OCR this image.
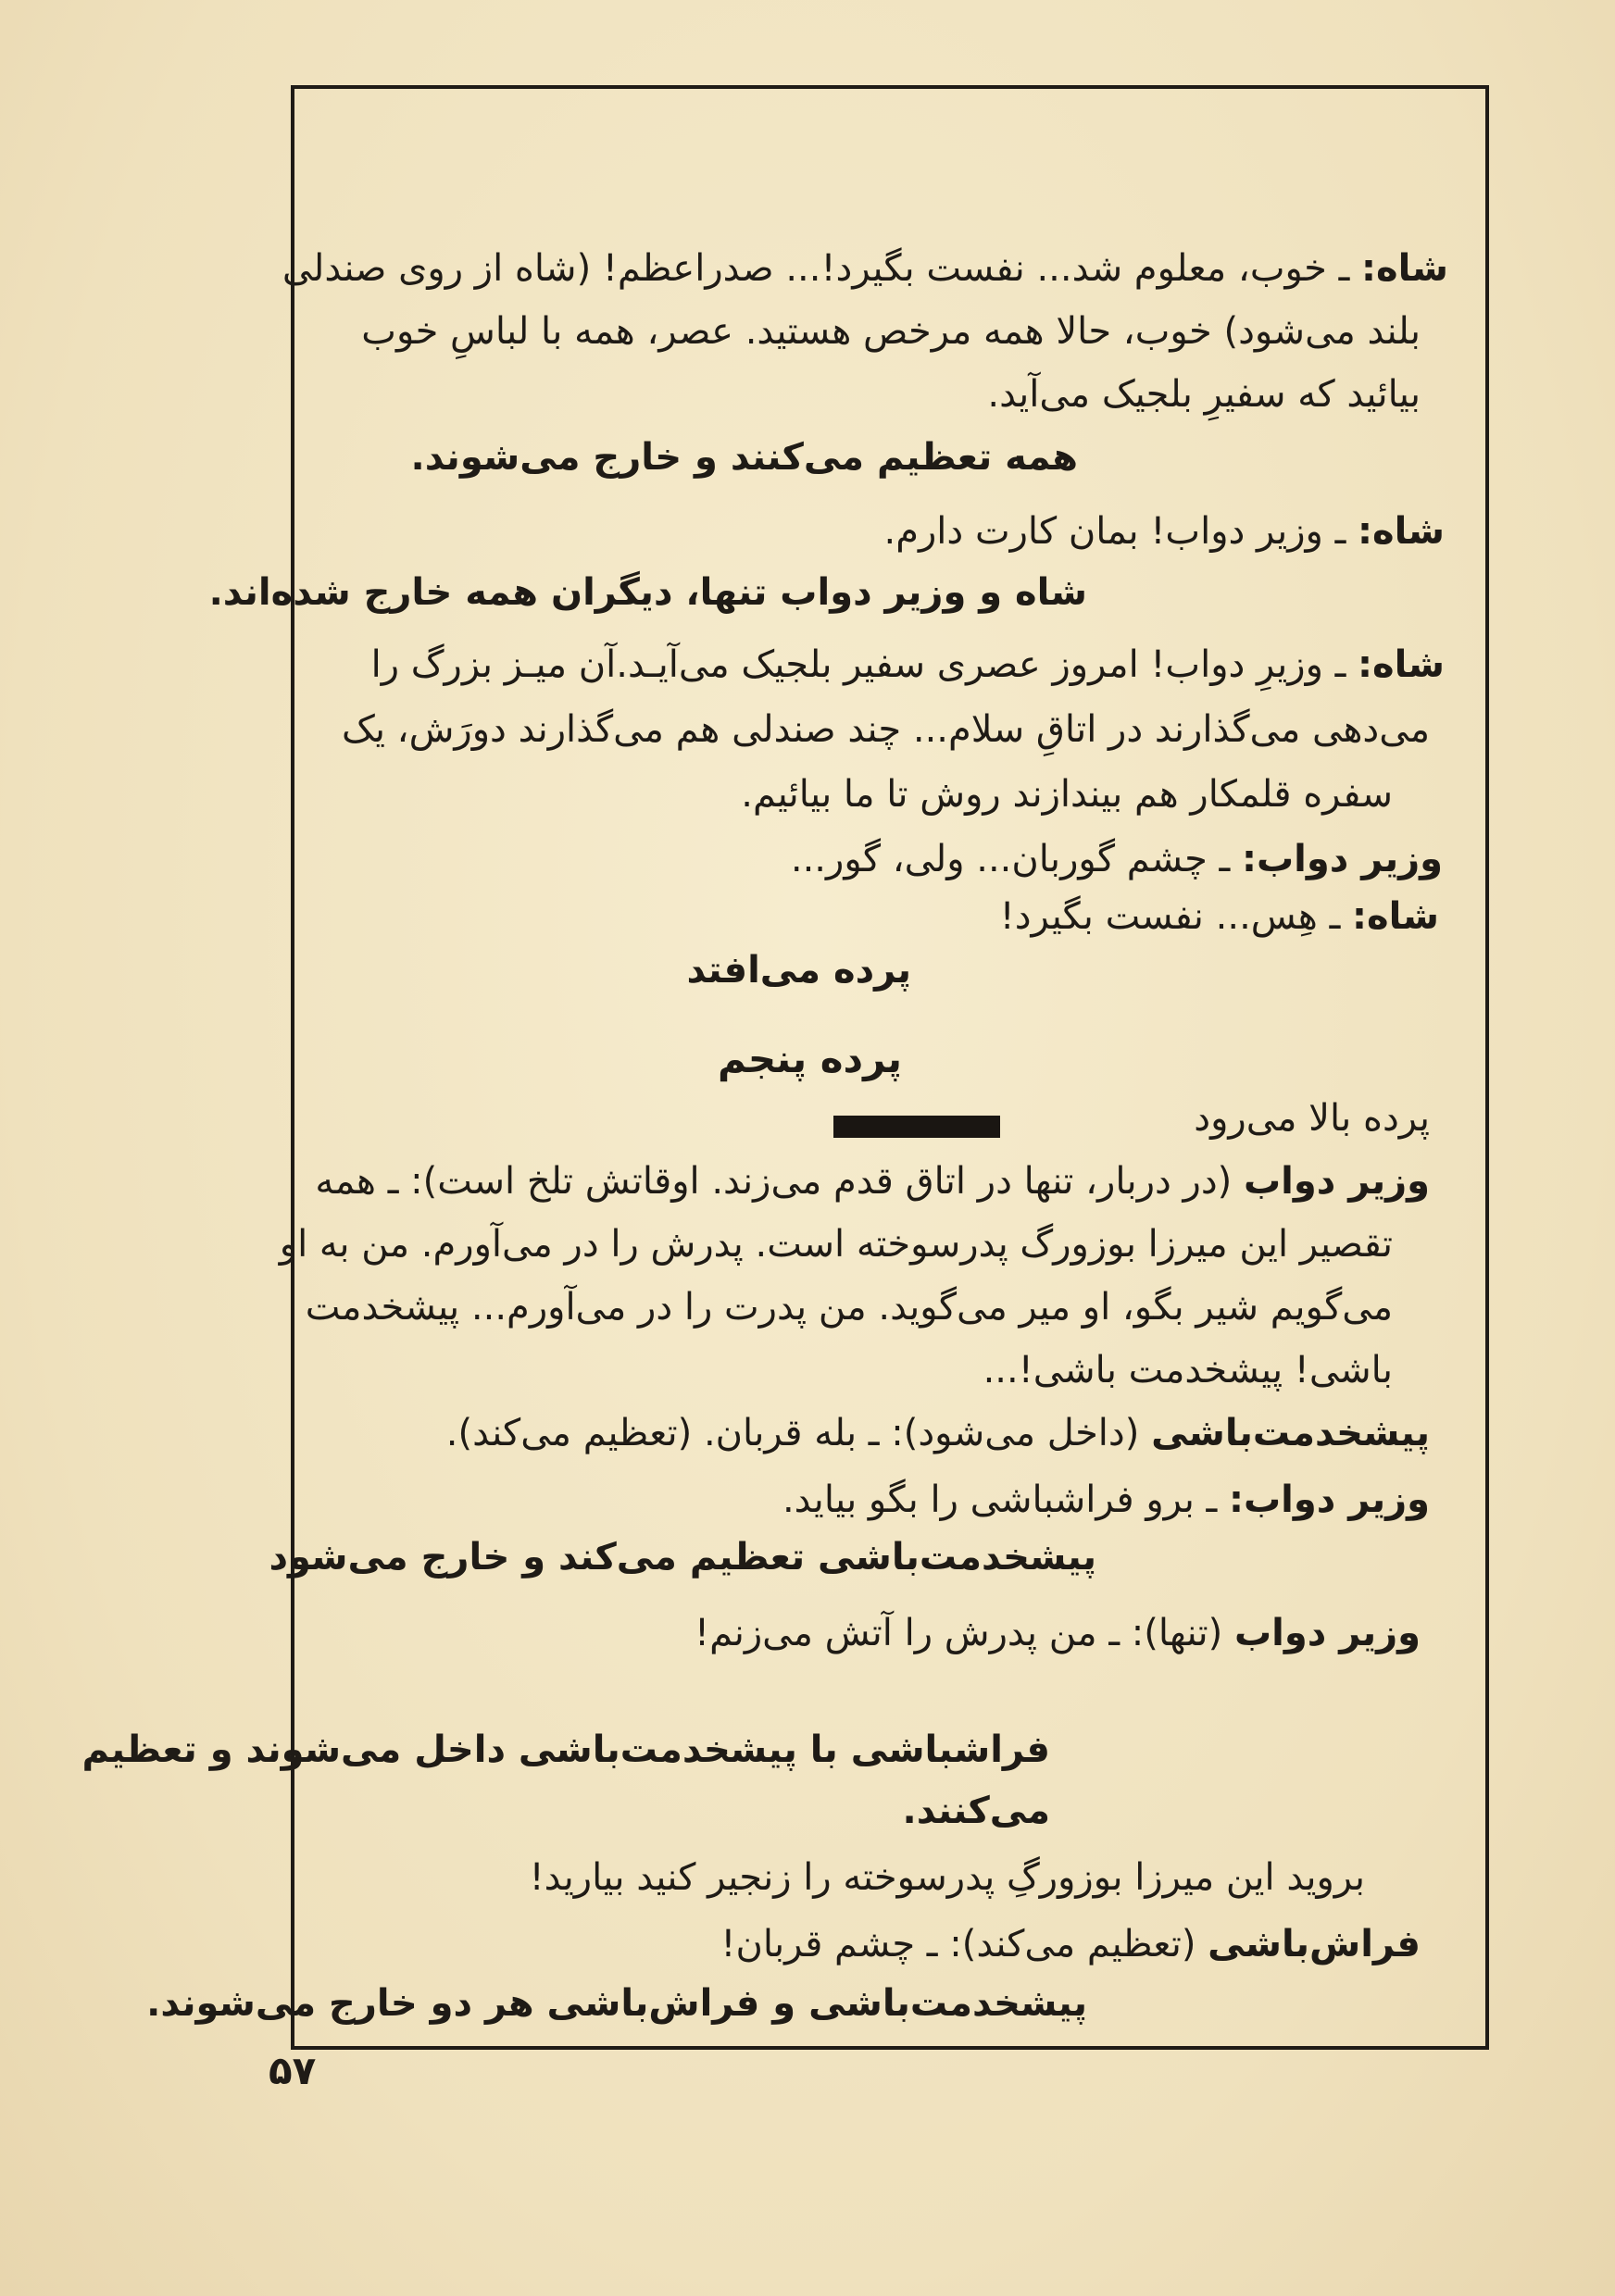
شاه: ـ خوب، معلوم شد... نفست بگیرد!... صدراعظم! (شاه از روی صندلی
بلند می‌شود) خوب، حالا همه مرخص هستید. عصر، همه با لباسِ خوب
بیائید که سفیرِ بلجیک می‌آید.
همه تعظیم می‌کنند و خارج می‌شوند.
شاه: ـ وزیر دواب! بمان کارت دارم.
شاه و وزیر دواب تنها، دیگران همه خارج شده‌اند.
شاه: ـ وزیرِ دواب! امروز عصری سفیر بلجیک می‌آیـد.آن میـز بزرگ را
می‌دهی می‌گذارند در اتاقِ سلام... چند صندلی هم می‌گذارند دورَش، یک
سفره قلمکار هم بیندازند روش تا ما بیائیم.
وزیر دواب: ـ چشم گوربان... ولی، گور...
شاه: ـ هِس... نفست بگیرد!
پرده می‌افتد
پرده پنجم
پرده بالا می‌رود
وزیر دواب (در دربار، تنها در اتاق قدم می‌زند. اوقاتش تلخ است): ـ همه
تقصیر این میرزا بوزورگ پدرسوخته است. پدرش را در می‌آورم. من به او
می‌گویم شیر بگو، او میر می‌گوید. من پدرت را در می‌آورم... پیشخدمت
باشی! پیشخدمت باشی!...
پیشخدمت‌باشی (داخل می‌شود): ـ بله قربان. (تعظیم می‌کند).
وزیر دواب: ـ برو فراشباشی را بگو بیاید.
پیشخدمت‌باشی تعظیم می‌کند و خارج می‌شود
وزیر دواب (تنها): ـ من پدرش را آتش می‌زنم!
فراشباشی با پیشخدمت‌باشی داخل می‌شوند و تعظیم
می‌کنند.
بروید این میرزا بوزورگِ پدرسوخته را زنجیر کنید بیارید!
فراش‌باشی (تعظیم می‌کند): ـ چشم قربان!
پیشخدمت‌باشی و فراش‌باشی هر دو خارج می‌شوند.
۵۷
